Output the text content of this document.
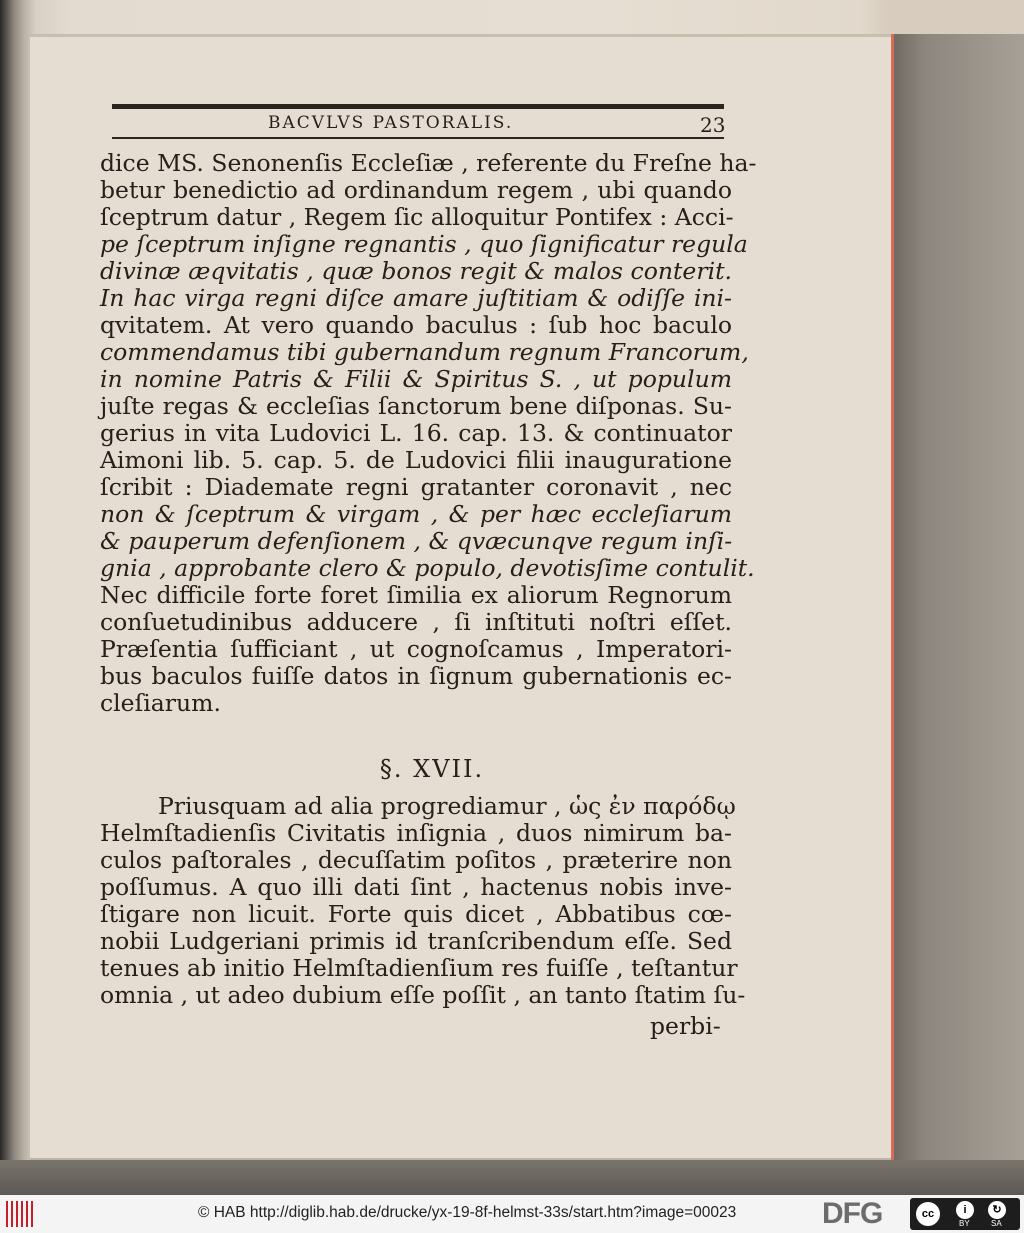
BACVLVS PASTORALIS.	23
dice MS. Senonenſis Eccleſiæ , referente du Freſne ha-
betur benedictio ad ordinandum regem , ubi quando
ſceptrum datur , Regem ſic alloquitur Pontifex : Acci-
pe ſceptrum inſigne regnantis , quo ſignificatur regula
divinæ æqvitatis , quæ bonos regit & malos conterit.
In hac virga regni diſce amare juſtitiam & odiſſe ini-
qvitatem. At vero quando baculus : ſub hoc baculo
commendamus tibi gubernandum regnum Francorum,
in nomine Patris & Filii & Spiritus S. , ut populum
juſte regas & eccleſias ſanctorum bene diſponas. Su-
gerius in vita Ludovici L. 16. cap. 13. & continuator
Aimoni lib. 5. cap. 5. de Ludovici filii inauguratione
ſcribit : Diademate regni gratanter coronavit , nec
non & ſceptrum & virgam , & per hæc eccleſiarum
& pauperum defenſionem , & qvæcunqve regum inſi-
gnia , approbante clero & populo, devotisſime contulit.
Nec difficile forte foret ſimilia ex aliorum Regnorum
conſuetudinibus adducere , ſi inſtituti noſtri eſſet.
Præſentia ſufficiant , ut cognoſcamus , Imperatori-
bus baculos fuiſſe datos in ſignum gubernationis ec-
cleſiarum.
§. XVII.
Priusquam ad alia progrediamur , ὡς ἐν παρόδῳ
Helmſtadienſis Civitatis inſignia , duos nimirum ba-
culos paſtorales , decuſſatim poſitos , præterire non
poſſumus. A quo illi dati ſint , hactenus nobis inve-
ſtigare non licuit. Forte quis dicet , Abbatibus cœ-
nobii Ludgeriani primis id tranſcribendum eſſe. Sed
tenues ab initio Helmſtadienſium res fuiſſe , teſtantur
omnia , ut adeo dubium eſſe poſſit , an tanto ſtatim ſu-
perbi-
© HAB http://diglib.hab.de/drucke/yx-19-8f-helmst-33s/start.htm?image=00023	DFG	cc	i	↻
BY	SA
